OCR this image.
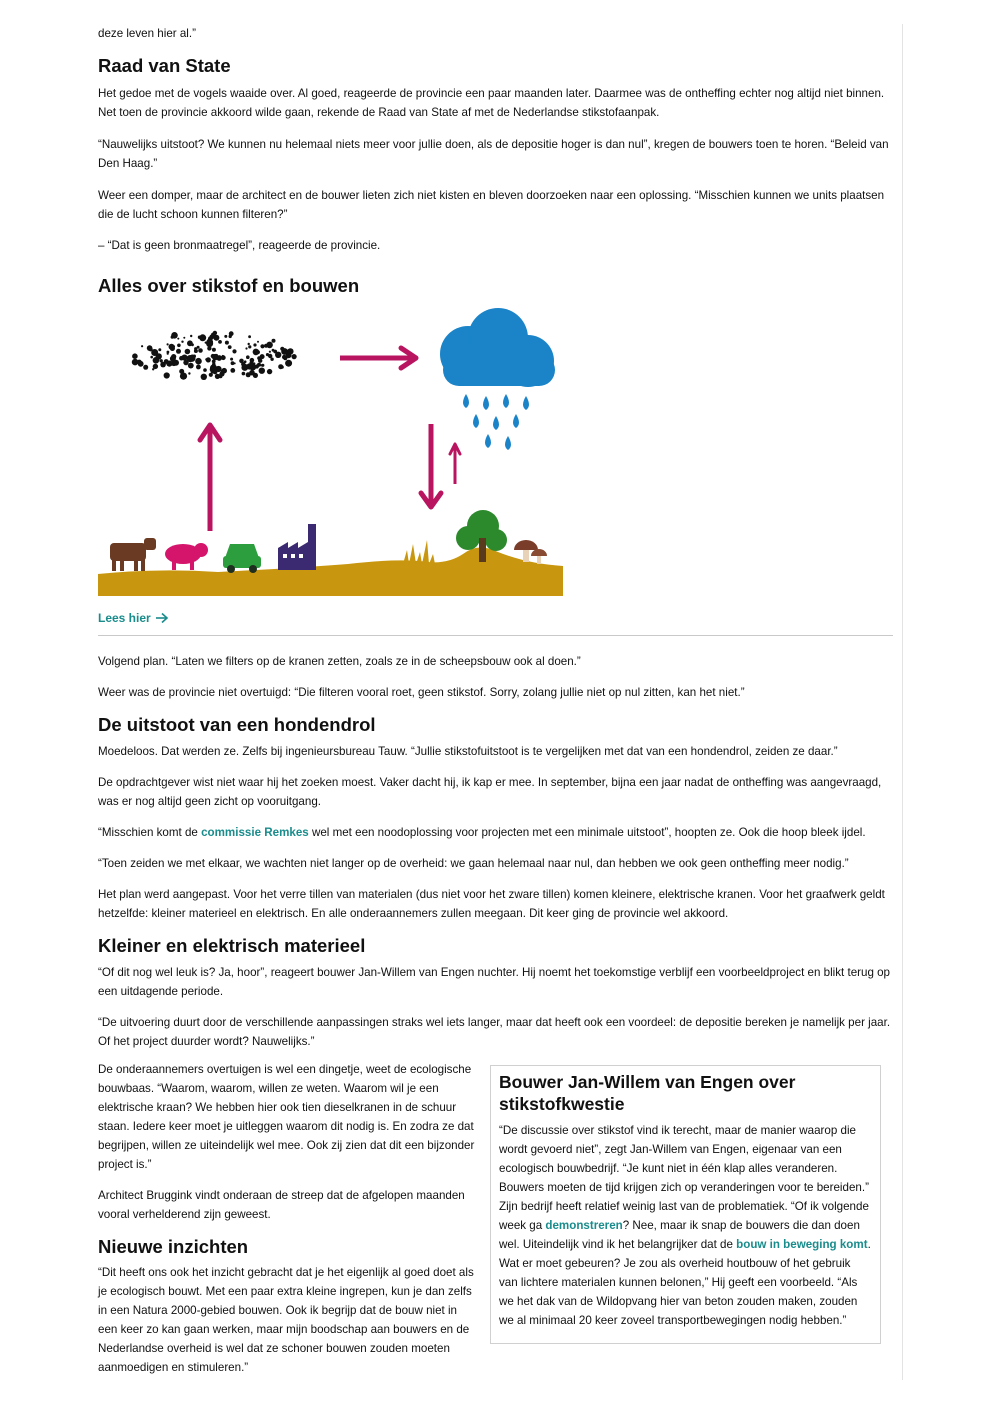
deze leven hier al.”

Raad van State

Het gedoe met de vogels waaide over. Al goed, reageerde de provincie een paar maanden later. Daarmee was de ontheffing echter nog altijd niet binnen. Net toen de provincie akkoord wilde gaan, rekende de Raad van State af met de Nederlandse stikstofaanpak.

“Nauwelijks uitstoot? We kunnen nu helemaal niets meer voor jullie doen, als de depositie hoger is dan nul”, kregen de bouwers toen te horen. “Beleid van Den Haag.”

Weer een domper, maar de architect en de bouwer lieten zich niet kisten en bleven doorzoeken naar een oplossing. “Misschien kunnen we units plaatsen die de lucht schoon kunnen filteren?”

– “Dat is geen bronmaatregel”, reageerde de provincie.

Alles over stikstof en bouwen
Lees hier

Volgend plan. “Laten we filters op de kranen zetten, zoals ze in de scheepsbouw ook al doen.”

Weer was de provincie niet overtuigd: “Die filteren vooral roet, geen stikstof. Sorry, zolang jullie niet op nul zitten, kan het niet.”

De uitstoot van een hondendrol

Moedeloos. Dat werden ze. Zelfs bij ingenieursbureau Tauw. “Jullie stikstofuitstoot is te vergelijken met dat van een hondendrol, zeiden ze daar.”

De opdrachtgever wist niet waar hij het zoeken moest. Vaker dacht hij, ik kap er mee. In september, bijna een jaar nadat de ontheffing was aangevraagd, was er nog altijd geen zicht op vooruitgang.

“Misschien komt de commissie Remkes wel met een noodoplossing voor projecten met een minimale uitstoot”, hoopten ze. Ook die hoop bleek ijdel.

“Toen zeiden we met elkaar, we wachten niet langer op de overheid: we gaan helemaal naar nul, dan hebben we ook geen ontheffing meer nodig.”

Het plan werd aangepast. Voor het verre tillen van materialen (dus niet voor het zware tillen) komen kleinere, elektrische kranen. Voor het graafwerk geldt hetzelfde: kleiner materieel en elektrisch. En alle onderaannemers zullen meegaan. Dit keer ging de provincie wel akkoord.

Kleiner en elektrisch materieel

“Of dit nog wel leuk is? Ja, hoor”, reageert bouwer Jan-Willem van Engen nuchter. Hij noemt het toekomstige verblijf een voorbeeldproject en blikt terug op een uitdagende periode.

“De uitvoering duurt door de verschillende aanpassingen straks wel iets langer, maar dat heeft ook een voordeel: de depositie bereken je namelijk per jaar. Of het project duurder wordt? Nauwelijks.”

De onderaannemers overtuigen is wel een dingetje, weet de ecologische bouwbaas. “Waarom, waarom, willen ze weten. Waarom wil je een elektrische kraan? We hebben hier ook tien dieselkranen in de schuur staan. Iedere keer moet je uitleggen waarom dit nodig is. En zodra ze dat begrijpen, willen ze uiteindelijk wel mee. Ook zij zien dat dit een bijzonder project is.”

Architect Bruggink vindt onderaan de streep dat de afgelopen maanden vooral verhelderend zijn geweest.

Nieuwe inzichten

“Dit heeft ons ook het inzicht gebracht dat je het eigenlijk al goed doet als je ecologisch bouwt. Met een paar extra kleine ingrepen, kun je dan zelfs in een Natura 2000-gebied bouwen. Ook ik begrijp dat de bouw niet in een keer zo kan gaan werken, maar mijn boodschap aan bouwers en de Nederlandse overheid is wel dat ze schoner bouwen zouden moeten aanmoedigen en stimuleren.”

Bouwer Jan-Willem van Engen over stikstofkwestie

“De discussie over stikstof vind ik terecht, maar de manier waarop die wordt gevoerd niet”, zegt Jan-Willem van Engen, eigenaar van een ecologisch bouwbedrijf. “Je kunt niet in één klap alles veranderen. Bouwers moeten de tijd krijgen zich op veranderingen voor te bereiden.” Zijn bedrijf heeft relatief weinig last van de problematiek. “Of ik volgende week ga demonstreren? Nee, maar ik snap de bouwers die dan doen wel. Uiteindelijk vind ik het belangrijker dat de bouw in beweging komt. Wat er moet gebeuren? Je zou als overheid houtbouw of het gebruik van lichtere materialen kunnen belonen,” Hij geeft een voorbeeld. “Als we het dak van de Wildopvang hier van beton zouden maken, zouden we al minimaal 20 keer zoveel transportbewegingen nodig hebben.”
